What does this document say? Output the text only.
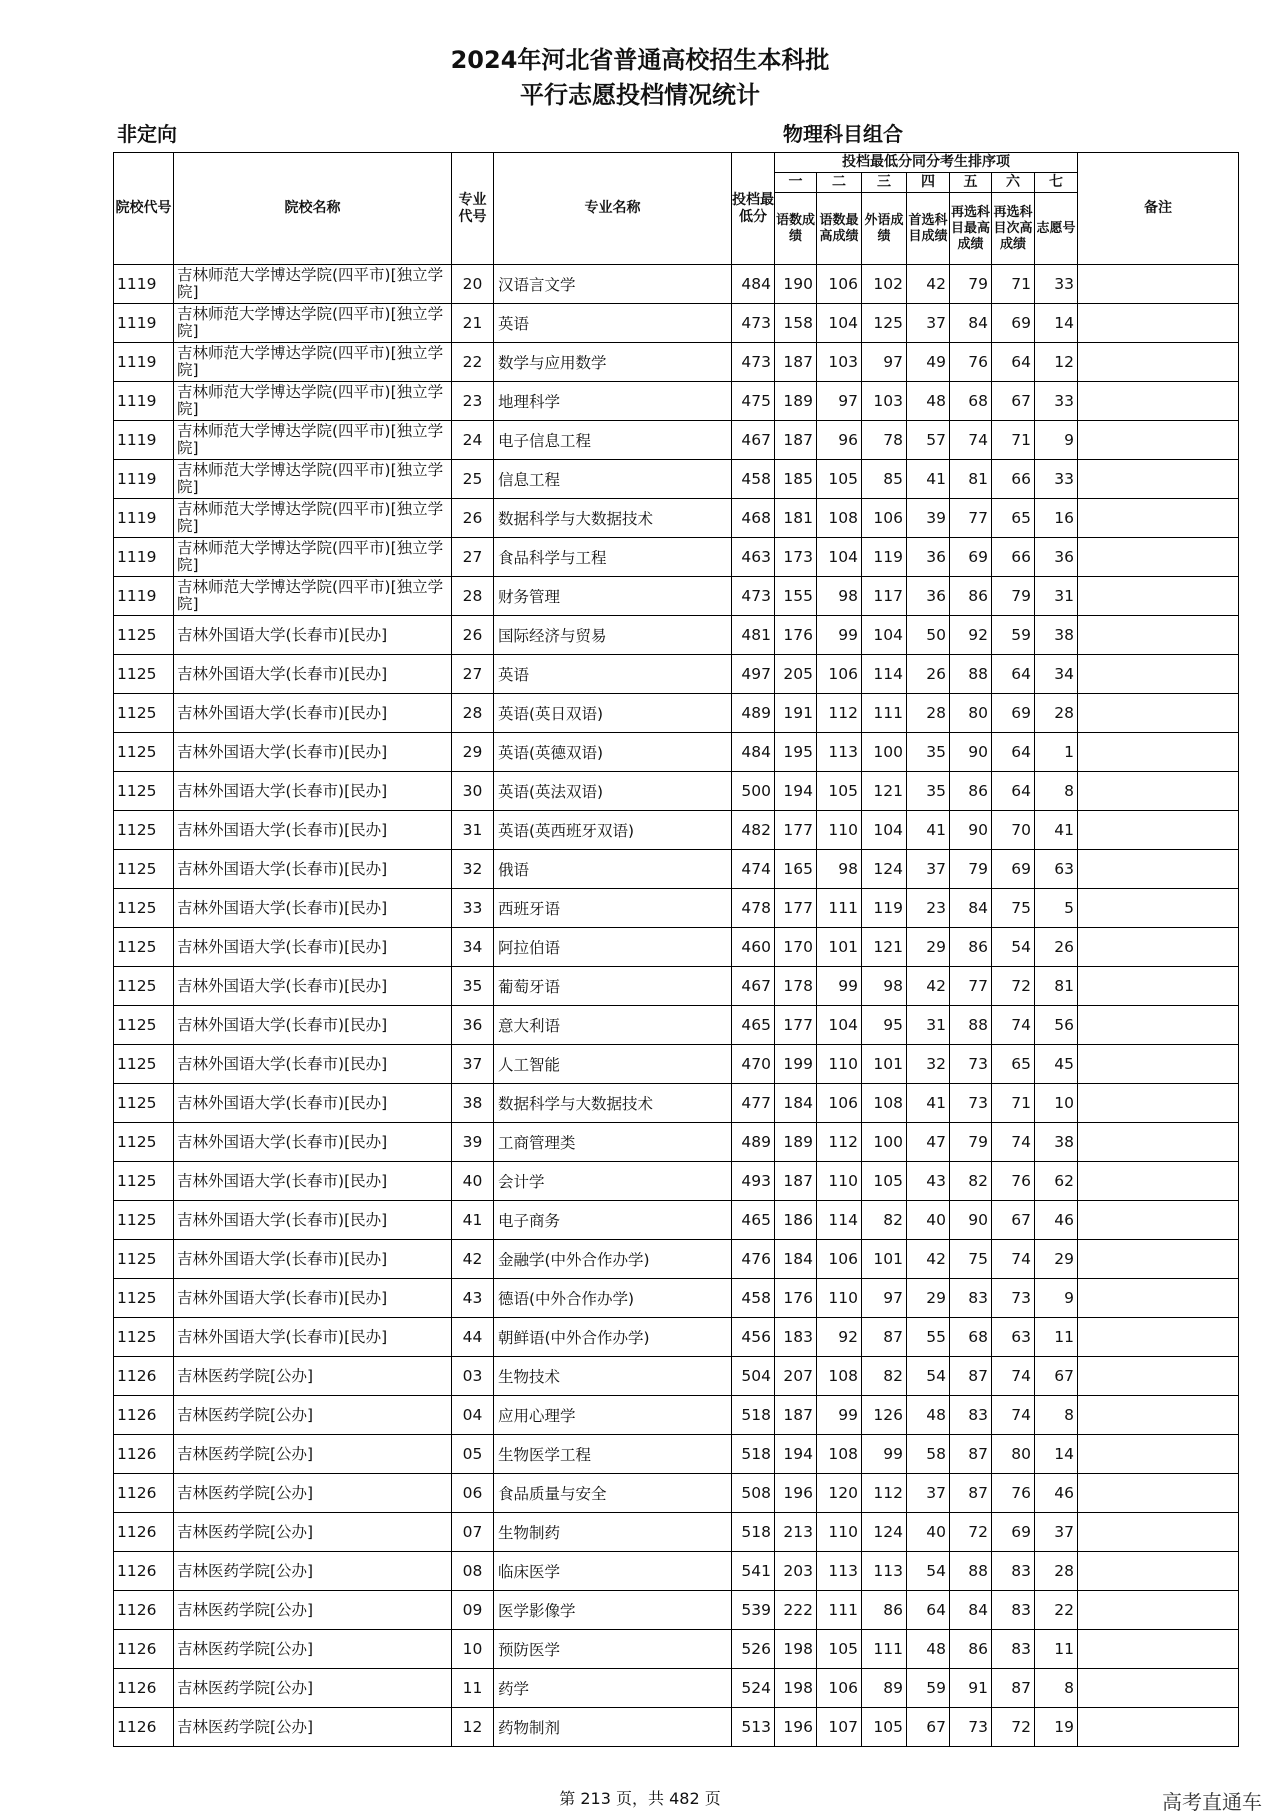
2024年河北省普通高校招生本科批
平行志愿投档情况统计
非定向	物理科目组合
院校代号	院校名称	专业代号	专业名称	投档最低分	投档最低分同分考生排序项							备注
					一	二	三	四	五	六	七	
					语数成绩	语数最高成绩	外语成绩	首选科目成绩	再选科目最高成绩	再选科目次高成绩	志愿号	
1119	吉林师范大学博达学院(四平市)[独立学院]	20	汉语言文学	484	190	106	102	42	79	71	33	
1119	吉林师范大学博达学院(四平市)[独立学院]	21	英语	473	158	104	125	37	84	69	14	
1119	吉林师范大学博达学院(四平市)[独立学院]	22	数学与应用数学	473	187	103	97	49	76	64	12	
1119	吉林师范大学博达学院(四平市)[独立学院]	23	地理科学	475	189	97	103	48	68	67	33	
1119	吉林师范大学博达学院(四平市)[独立学院]	24	电子信息工程	467	187	96	78	57	74	71	9	
1119	吉林师范大学博达学院(四平市)[独立学院]	25	信息工程	458	185	105	85	41	81	66	33	
1119	吉林师范大学博达学院(四平市)[独立学院]	26	数据科学与大数据技术	468	181	108	106	39	77	65	16	
1119	吉林师范大学博达学院(四平市)[独立学院]	27	食品科学与工程	463	173	104	119	36	69	66	36	
1119	吉林师范大学博达学院(四平市)[独立学院]	28	财务管理	473	155	98	117	36	86	79	31	
1125	吉林外国语大学(长春市)[民办]	26	国际经济与贸易	481	176	99	104	50	92	59	38	
1125	吉林外国语大学(长春市)[民办]	27	英语	497	205	106	114	26	88	64	34	
1125	吉林外国语大学(长春市)[民办]	28	英语(英日双语)	489	191	112	111	28	80	69	28	
1125	吉林外国语大学(长春市)[民办]	29	英语(英德双语)	484	195	113	100	35	90	64	1	
1125	吉林外国语大学(长春市)[民办]	30	英语(英法双语)	500	194	105	121	35	86	64	8	
1125	吉林外国语大学(长春市)[民办]	31	英语(英西班牙双语)	482	177	110	104	41	90	70	41	
1125	吉林外国语大学(长春市)[民办]	32	俄语	474	165	98	124	37	79	69	63	
1125	吉林外国语大学(长春市)[民办]	33	西班牙语	478	177	111	119	23	84	75	5	
1125	吉林外国语大学(长春市)[民办]	34	阿拉伯语	460	170	101	121	29	86	54	26	
1125	吉林外国语大学(长春市)[民办]	35	葡萄牙语	467	178	99	98	42	77	72	81	
1125	吉林外国语大学(长春市)[民办]	36	意大利语	465	177	104	95	31	88	74	56	
1125	吉林外国语大学(长春市)[民办]	37	人工智能	470	199	110	101	32	73	65	45	
1125	吉林外国语大学(长春市)[民办]	38	数据科学与大数据技术	477	184	106	108	41	73	71	10	
1125	吉林外国语大学(长春市)[民办]	39	工商管理类	489	189	112	100	47	79	74	38	
1125	吉林外国语大学(长春市)[民办]	40	会计学	493	187	110	105	43	82	76	62	
1125	吉林外国语大学(长春市)[民办]	41	电子商务	465	186	114	82	40	90	67	46	
1125	吉林外国语大学(长春市)[民办]	42	金融学(中外合作办学)	476	184	106	101	42	75	74	29	
1125	吉林外国语大学(长春市)[民办]	43	德语(中外合作办学)	458	176	110	97	29	83	73	9	
1125	吉林外国语大学(长春市)[民办]	44	朝鲜语(中外合作办学)	456	183	92	87	55	68	63	11	
1126	吉林医药学院[公办]	03	生物技术	504	207	108	82	54	87	74	67	
1126	吉林医药学院[公办]	04	应用心理学	518	187	99	126	48	83	74	8	
1126	吉林医药学院[公办]	05	生物医学工程	518	194	108	99	58	87	80	14	
1126	吉林医药学院[公办]	06	食品质量与安全	508	196	120	112	37	87	76	46	
1126	吉林医药学院[公办]	07	生物制药	518	213	110	124	40	72	69	37	
1126	吉林医药学院[公办]	08	临床医学	541	203	113	113	54	88	83	28	
1126	吉林医药学院[公办]	09	医学影像学	539	222	111	86	64	84	83	22	
1126	吉林医药学院[公办]	10	预防医学	526	198	105	111	48	86	83	11	
1126	吉林医药学院[公办]	11	药学	524	198	106	89	59	91	87	8	
1126	吉林医药学院[公办]	12	药物制剂	513	196	107	105	67	73	72	19	
第 213 页，共 482 页	高考直通车
